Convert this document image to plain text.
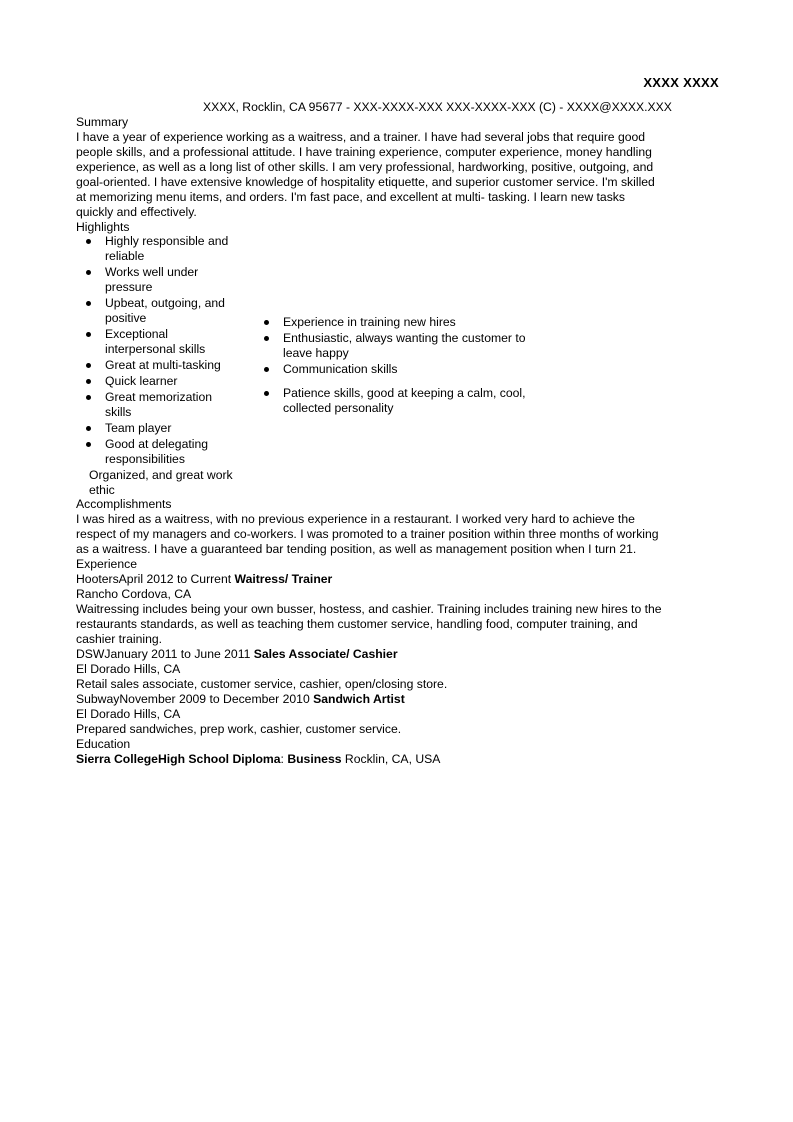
XXXX XXXX
XXXX, Rocklin, CA 95677 - XXX-XXXX-XXX XXX-XXXX-XXX (C) - XXXX@XXXX.XXX
Summary
I have a year of experience working as a waitress, and a trainer. I have had several jobs that require good
people skills, and a professional attitude. I have training experience, computer experience, money handling
experience, as well as a long list of other skills. I am very professional, hardworking, positive, outgoing, and
goal-oriented. I have extensive knowledge of hospitality etiquette, and superior customer service. I'm skilled
at memorizing menu items, and orders. I'm fast pace, and excellent at multi- tasking. I learn new tasks
quickly and effectively.
Highlights
Highly responsible and
reliable
Works well under
pressure
Upbeat, outgoing, and
positive
Exceptional
interpersonal skills
Great at multi-tasking
Quick learner
Great memorization
skills
Team player
Good at delegating
responsibilities
Organized, and great work
ethic
Experience in training new hires
Enthusiastic, always wanting the customer to
leave happy
Communication skills
Patience skills, good at keeping a calm, cool,
collected personality
Accomplishments
I was hired as a waitress, with no previous experience in a restaurant. I worked very hard to achieve the
respect of my managers and co-workers. I was promoted to a trainer position within three months of working
as a waitress. I have a guaranteed bar tending position, as well as management position when I turn 21.
Experience
HootersApril 2012 to Current Waitress/ Trainer
Rancho Cordova, CA
Waitressing includes being your own busser, hostess, and cashier. Training includes training new hires to the
restaurants standards, as well as teaching them customer service, handling food, computer training, and
cashier training.
DSWJanuary 2011 to June 2011 Sales Associate/ Cashier
El Dorado Hills, CA
Retail sales associate, customer service, cashier, open/closing store.
SubwayNovember 2009 to December 2010 Sandwich Artist
El Dorado Hills, CA
Prepared sandwiches, prep work, cashier, customer service.
Education
Sierra CollegeHigh School Diploma: Business Rocklin, CA, USA
